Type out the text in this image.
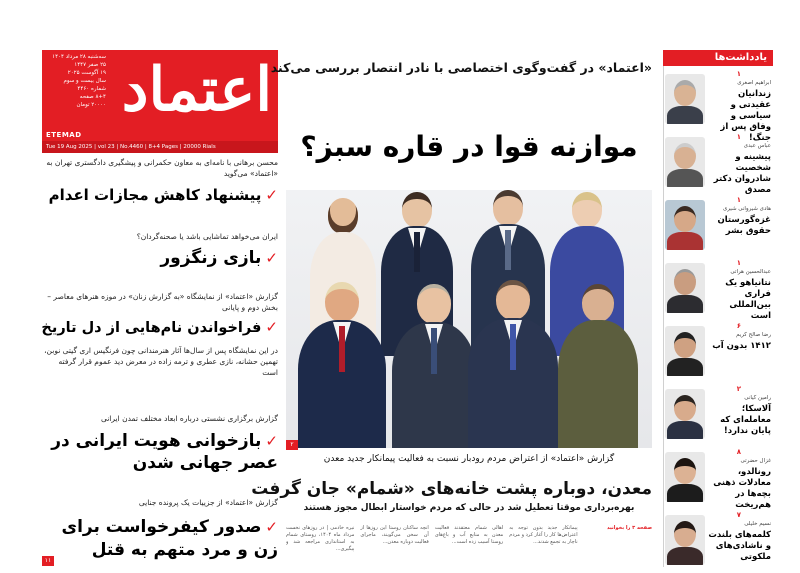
سه‌شنبه ۲۸ مرداد ۱۴۰۴
۲۵ صفر ۱۴۴۷
۱۹ آگوست ۲۰۲۵
سال بیست و سوم
شماره ۴۴۶۰
۸+۴ صفحه
۲۰۰۰۰ تومان اعتماد
ETEMAD
Tue 19 Aug 2025 | vol 23 | No.4460 | 8+4 Pages | 20000 Rials
محسن برهانی با نامه‌ای به معاون حکمرانی و پیشگیری دادگستری تهران به «اعتماد» می‌گوید
✓پیشنهاد کاهش مجازات اعدام
ایران می‌خواهد تماشایی باشد یا صحنه‌گردان؟
✓بازی زنگزور
گزارش «اعتماد» از نمایشگاه «به گزارش زنان» در موزه هنرهای معاصر – بخش دوم و پایانی
✓فراخواندن نام‌هایی از دل تاریخ
در این نمایشگاه پس از سال‌ها آثار هنرمندانی چون فرنگیس اری گیتی نوبن، تهمین حشانه، نازی عطری و ترمه زاده در معرض دید عموم قرار گرفته است
گزارش برگزاری نشستی درباره ابعاد مختلف تمدن ایرانی
✓بازخوانی هویت ایرانی در عصر جهانی شدن
گزارش «اعتماد» از جزییات یک پرونده جنایی
✓صدور کیفرخواست برای زن و مرد متهم به قتل
۱۱
«اعتماد» در گفت‌وگوی اختصاصی با نادر انتصار بررسی می‌کند
موازنه قوا در قاره سبز؟
۲
گزارش «اعتماد» از اعتراض مردم رودبار نسبت به فعالیت پیمانکار جدید معدن
معدن، دوباره پشت خانه‌های «شمام» جان گرفت
بهره‌برداری موقتا تعطیل شد در حالی که مردم خواستار ابطال مجوز هستند
نیره خادمی | در روزهای نخست مرداد ماه ۱۴۰۴، روستای شمام به استانداری مراجعه شد و پیگیری...
آنچه ساکنان روستا این روزها از آن سخن می‌گویند، ماجرای فعالیت دوباره معدن...
اهالی شمام معتقدند فعالیت معدن به منابع آب و باغ‌های روستا آسیب زده است...
پیمانکار جدید بدون توجه به اعتراض‌ها کار را آغاز کرد و مردم ناچار به تجمع شدند...
صفحه ۳ را بخوانید
یادداشت‌ها
۱
ابراهیم اصغری
زندانیان عقیدتی و سیاسی و وفاق پس از جنگ!
۱
عباس عبدی
پیشینه و شخصیت شادروان دکتر مصدق
۱
هادی شیروانی شیری
غزه‌گورستان حقوق بشر
۱
عبدالحسین هراتی
نتانیاهو یک فراری بین‌المللی است
۶
رضا صالح کریم
۱۴۱۲ بدون آب
۲
رامین کیانی
آلاسکا؛ معامله‌ای که پایان ندارد!
۸
غزال حضرتی
رونالدو، معادلات ذهنی بچه‌ها در هم‌ریخت
۷
نسیم خلیلی
کلمه‌های بلندت و ناشادی‌های ملکوتی
